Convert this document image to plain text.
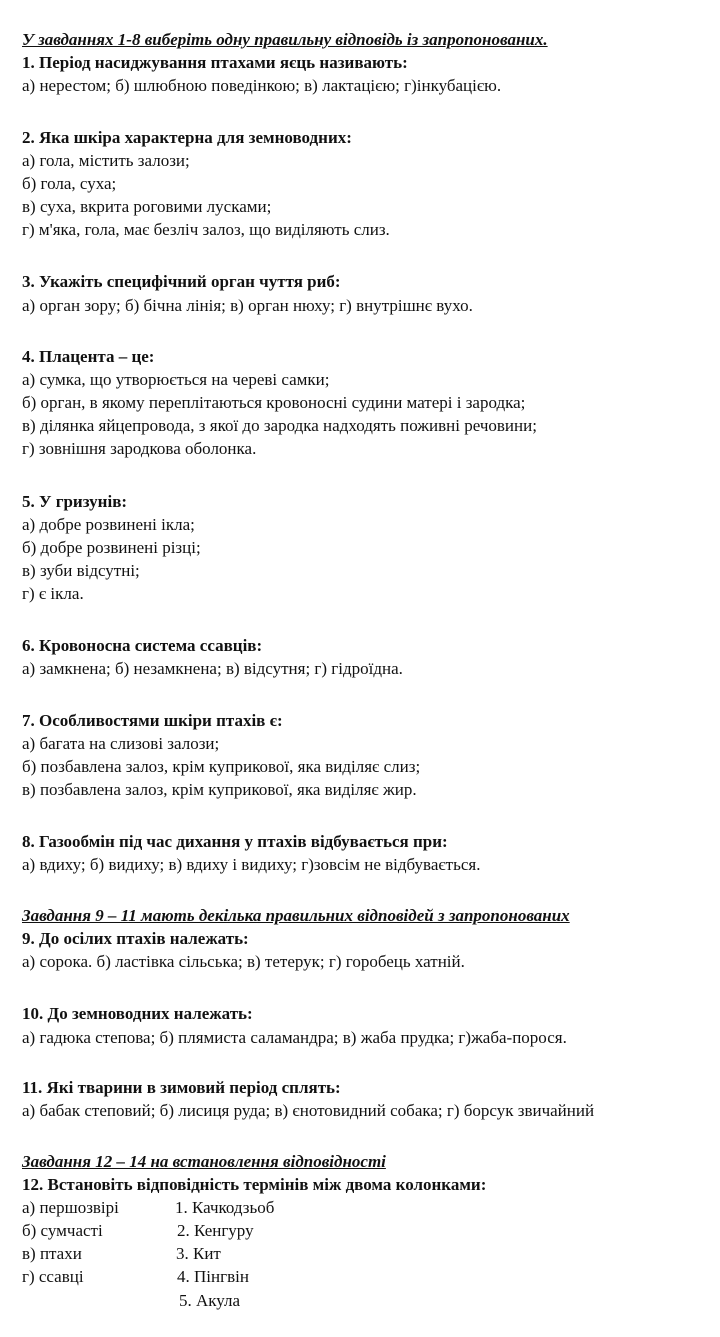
У завданнях 1-8 виберіть одну правильну відповідь із запропонованих.
1. Період насиджування птахами яєць називають:
а) нерестом; б) шлюбною поведінкою; в) лактацією; г)інкубацією.
2. Яка шкіра характерна для земноводних:
а) гола, містить залози;
б) гола, суха;
в) суха, вкрита роговими лусками;
г) м'яка, гола, має безліч залоз, що виділяють слиз.
3. Укажіть специфічний орган чуття риб:
а) орган зору; б) бічна лінія; в) орган нюху; г) внутрішнє вухо.
4. Плацента – це:
а) сумка, що утворюється на череві самки;
б) орган, в якому переплітаються кровоносні судини матері і зародка;
в) ділянка яйцепровода, з якої до зародка надходять поживні речовини;
г) зовнішня зародкова оболонка.
5. У гризунів:
а) добре розвинені ікла;
б) добре розвинені різці;
в) зуби відсутні;
г) є ікла.
6. Кровоносна система ссавців:
а) замкнена; б) незамкнена; в) відсутня; г) гідроїдна.
7. Особливостями шкіри птахів є:
а) багата на слизові залози;
б) позбавлена залоз, крім куприкової, яка виділяє слиз;
в) позбавлена залоз, крім куприкової, яка виділяє жир.
8. Газообмін під час дихання у птахів відбувається при:
а) вдиху; б) видиху; в) вдиху і видиху; г)зовсім не відбувається.
Завдання 9 – 11 мають декілька правильних відповідей з запропонованих
9. До осілих птахів належать:
а) сорока. б) ластівка сільська; в) тетерук; г) горобець хатній.
10. До земноводних належать:
а) гадюка степова; б) плямиста саламандра; в) жаба прудка; г)жаба-порося.
11. Які тварини в зимовий період сплять:
а) бабак степовий; б) лисиця руда; в) єнотовидний собака; г) борсук звичайний
Завдання 12 – 14 на встановлення відповідності
12. Встановіть відповідність термінів між двома колонками:
а) першозвірі
б) сумчасті
в) птахи
г) ссавці
1. Качкодзьоб
2. Кенгуру
3. Кит
4. Пінгвін
5. Акула
